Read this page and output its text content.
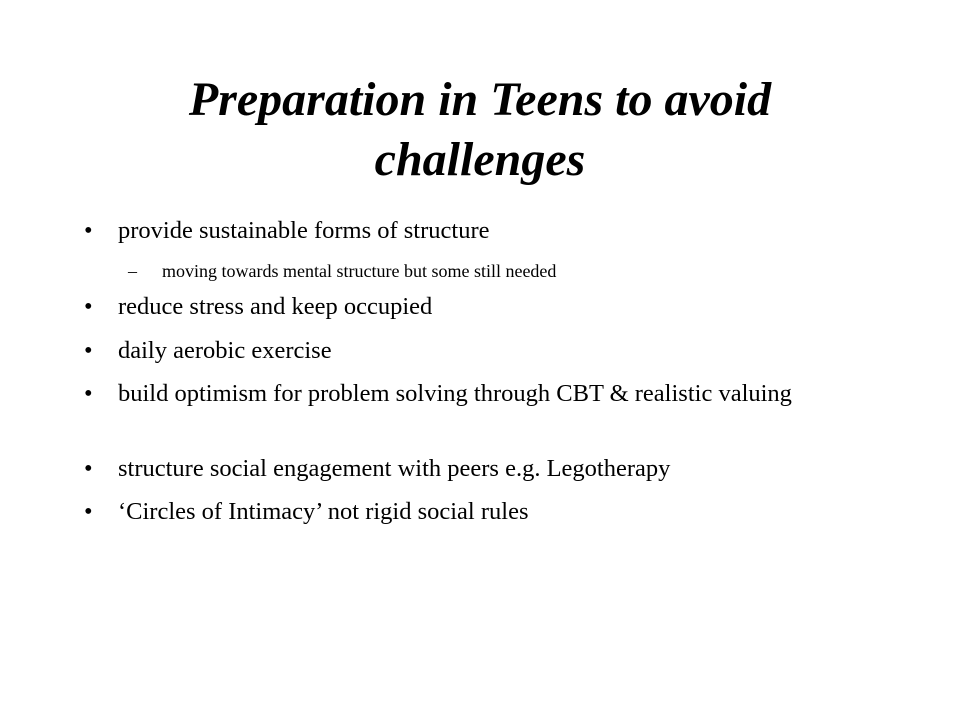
Preparation in Teens to avoid challenges
•	provide sustainable forms of structure
– moving towards mental structure but some still needed
•	reduce stress and keep occupied
•	daily aerobic exercise
•	build optimism for problem solving through CBT & realistic valuing
•	structure social engagement with peers e.g. Legotherapy
•	‘Circles of Intimacy’ not rigid social rules
